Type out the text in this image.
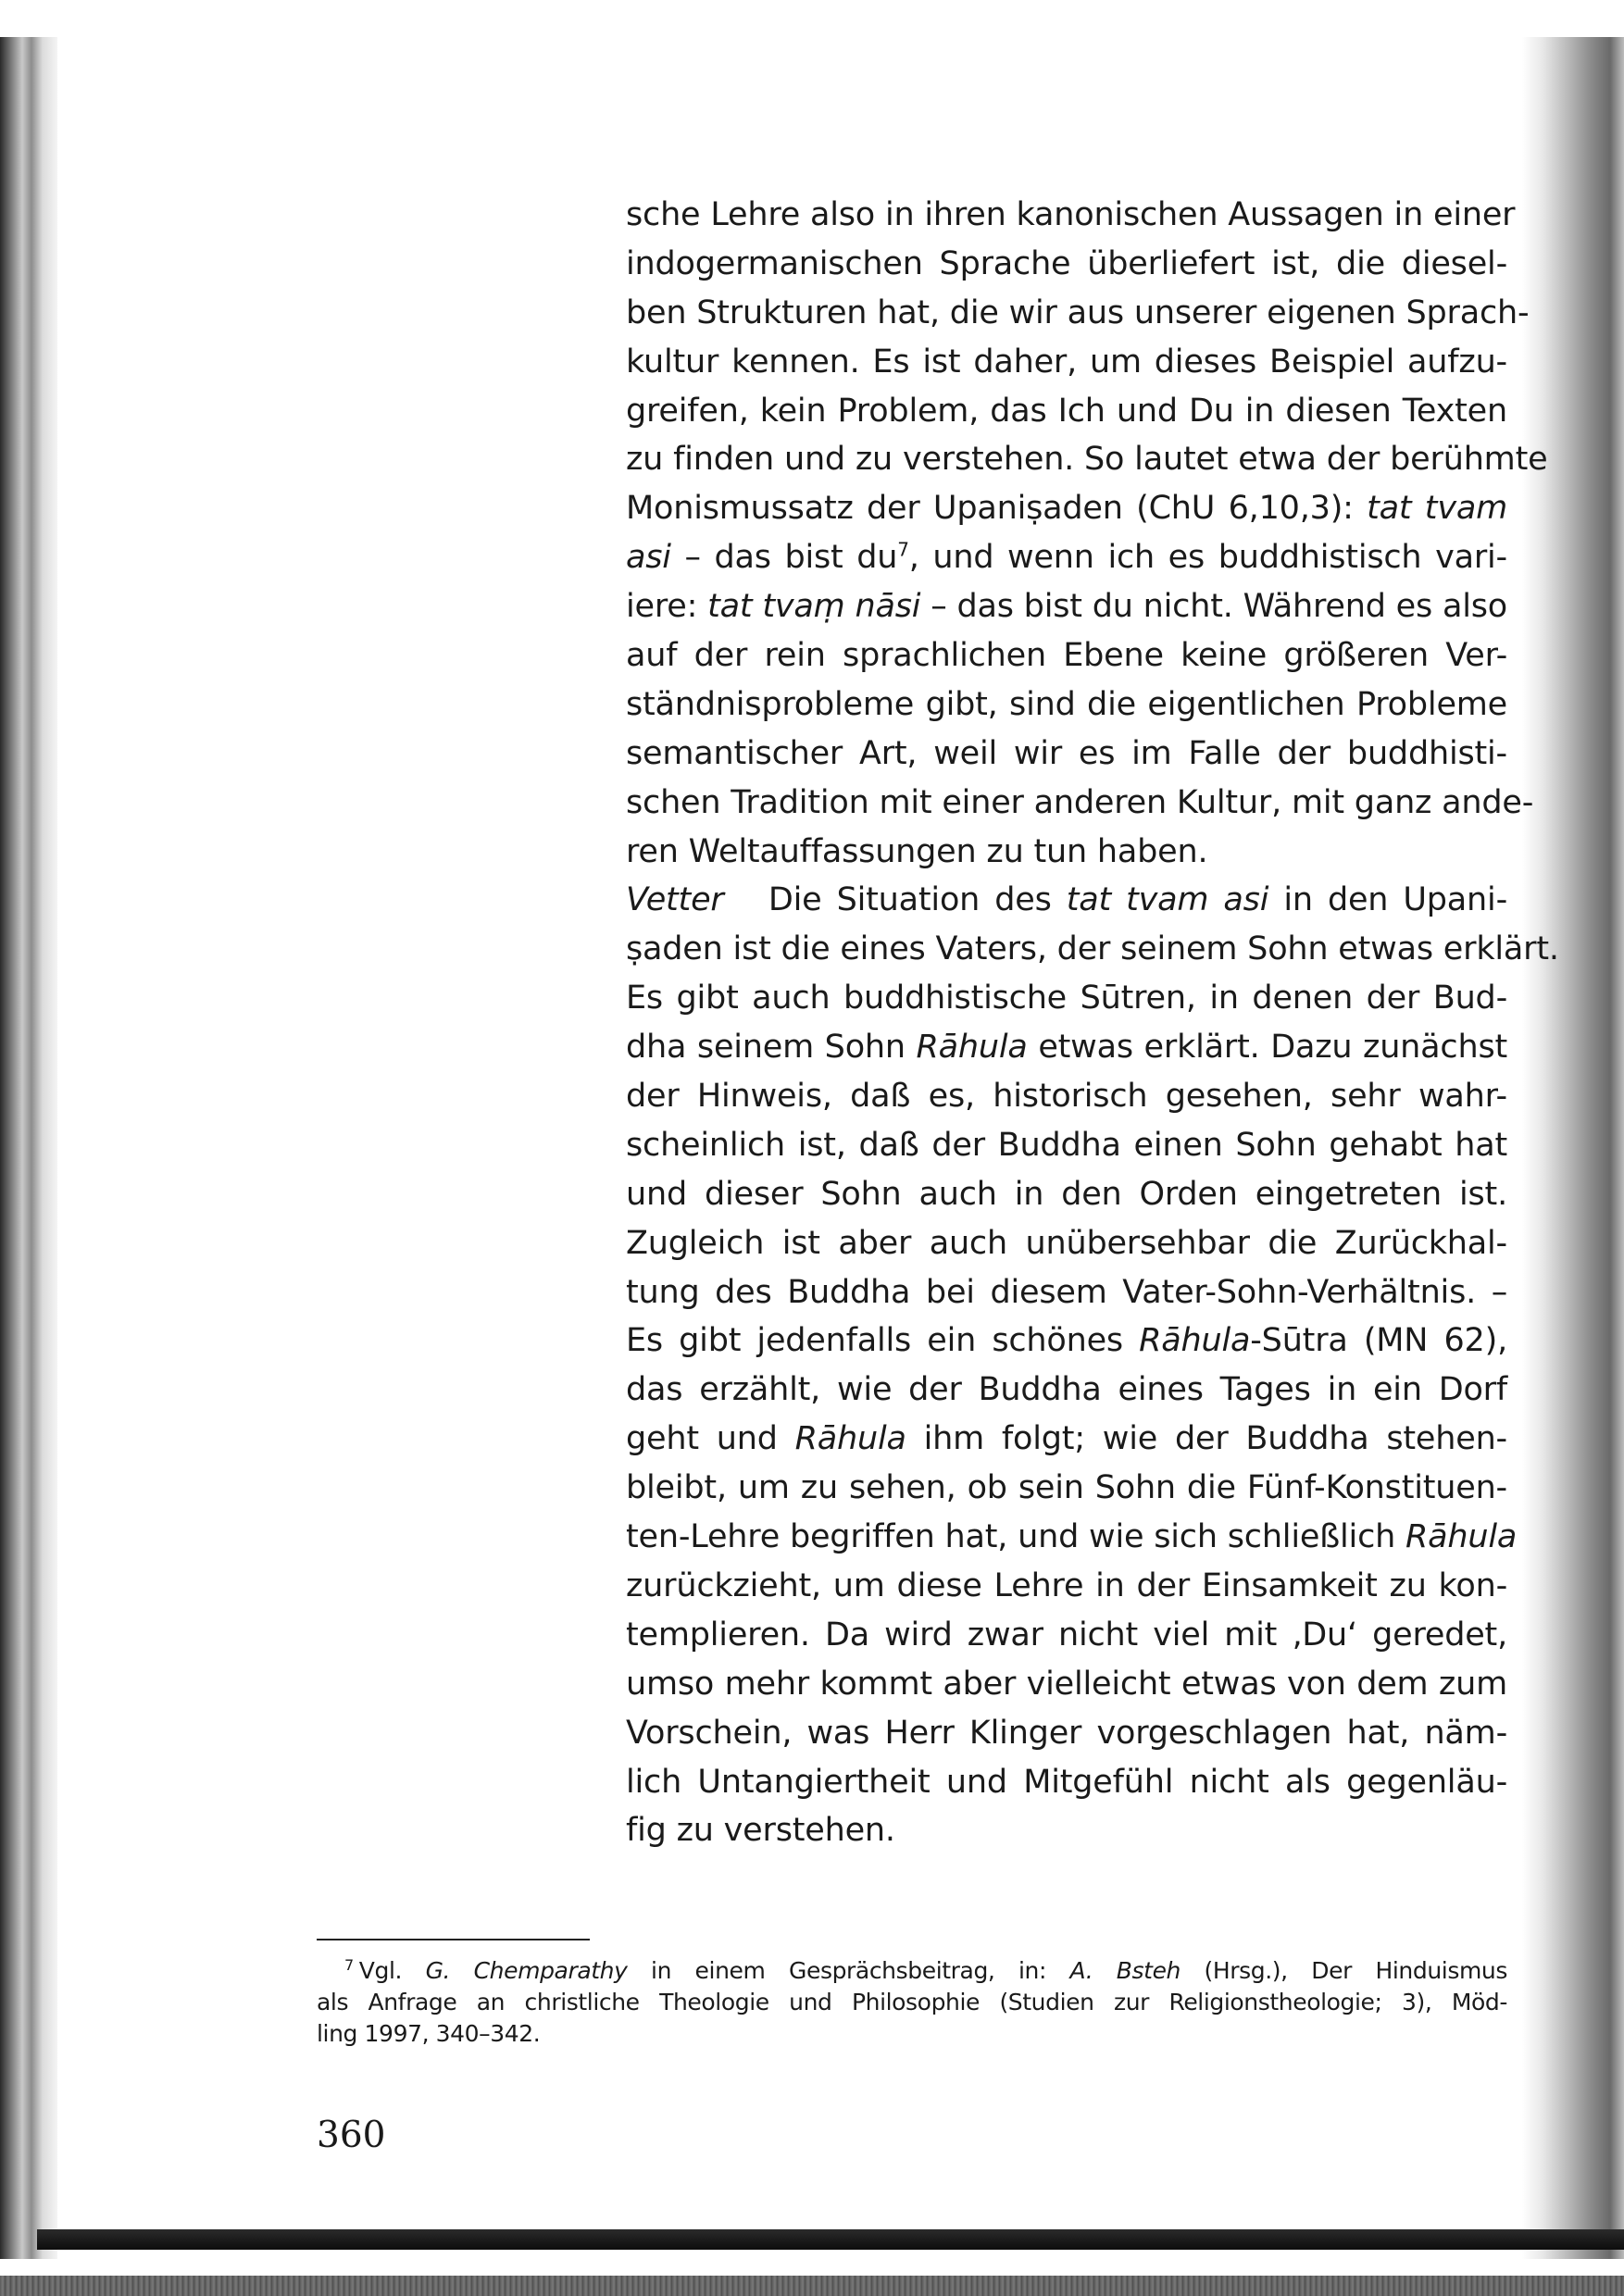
sche Lehre also in ihren kanonischen Aussagen in einer
indogermanischen Sprache überliefert ist, die diesel-
ben Strukturen hat, die wir aus unserer eigenen Sprach-
kultur kennen. Es ist daher, um dieses Beispiel aufzu-
greifen, kein Problem, das Ich und Du in diesen Texten
zu finden und zu verstehen. So lautet etwa der berühmte
Monismussatz der Upaniṣaden (ChU 6,10,3): tat tvam
asi – das bist $du^7$, und wenn ich es buddhistisch vari-
iere: tat tvaṃ nāsi – das bist du nicht. Während es also
auf der rein sprachlichen Ebene keine größeren Ver-
ständnisprobleme gibt, sind die eigentlichen Probleme
semantischer Art, weil wir es im Falle der buddhisti-
schen Tradition mit einer anderen Kultur, mit ganz ande-
ren Weltauffassungen zu tun haben.
Vetter   Die Situation des tat tvam asi in den Upani-
ṣaden ist die eines Vaters, der seinem Sohn etwas erklärt.
Es gibt auch buddhistische Sūtren, in denen der Bud-
dha seinem Sohn Rāhula etwas erklärt. Dazu zunächst
der Hinweis, daß es, historisch gesehen, sehr wahr-
scheinlich ist, daß der Buddha einen Sohn gehabt hat
und dieser Sohn auch in den Orden eingetreten ist.
Zugleich ist aber auch unübersehbar die Zurückhal-
tung des Buddha bei diesem Vater-Sohn-Verhältnis. –
Es gibt jedenfalls ein schönes Rāhula-Sūtra (MN 62),
das erzählt, wie der Buddha eines Tages in ein Dorf
geht und Rāhula ihm folgt; wie der Buddha stehen-
bleibt, um zu sehen, ob sein Sohn die Fünf-Konstituen-
ten-Lehre begriffen hat, und wie sich schließlich Rāhula
zurückzieht, um diese Lehre in der Einsamkeit zu kon-
templieren. Da wird zwar nicht viel mit ‚Du‘ geredet,
umso mehr kommt aber vielleicht etwas von dem zum
Vorschein, was Herr Klinger vorgeschlagen hat, näm-
lich Untangiertheit und Mitgefühl nicht als gegenläu-
fig zu verstehen.
$^7$ Vgl. G. Chemparathy in einem Gesprächsbeitrag, in: A. Bsteh (Hrsg.), Der Hinduismus
als Anfrage an christliche Theologie und Philosophie (Studien zur Religionstheologie; 3), Möd-
ling 1997, 340–342.
360
